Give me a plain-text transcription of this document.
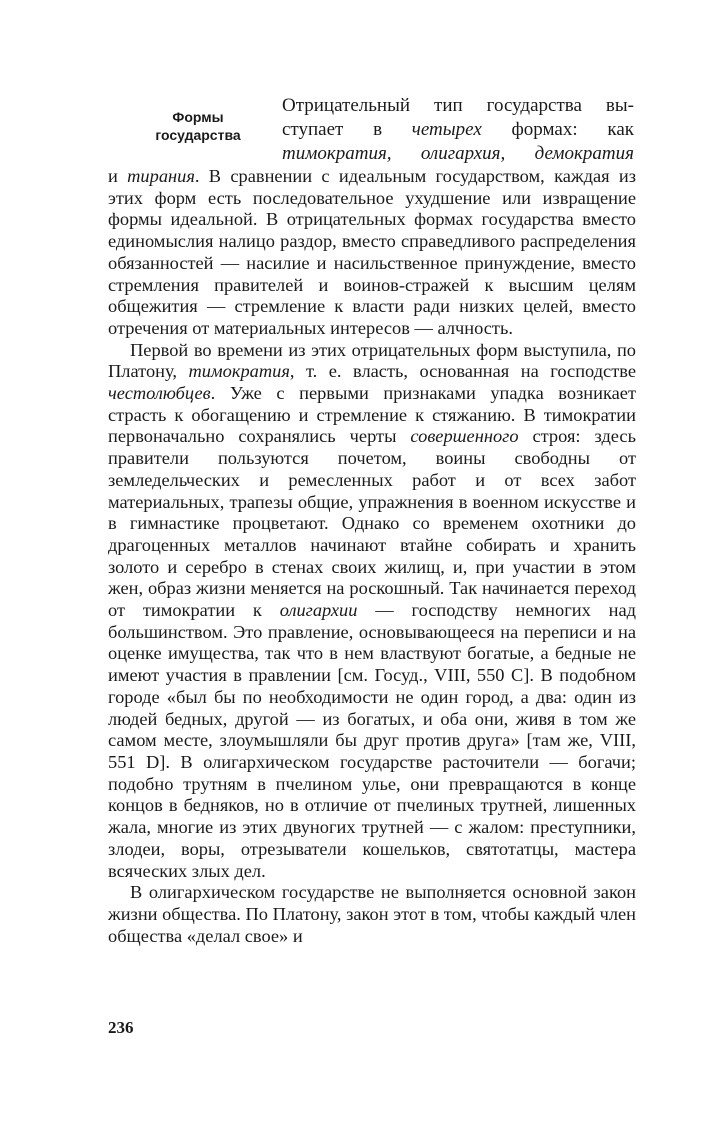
Формы
государства
Отрицательный тип государства вы-
ступает в четырех формах: как
тимократия, олигархия, демократия

и тирания. В сравнении с идеальным государством, каждая из этих форм есть последовательное ухудшение или извращение формы идеальной. В отрицательных формах государства вместо единомыслия налицо раздор, вместо справедливого распределения обязанностей — насилие и насильственное принуждение, вместо стремления правителей и воинов-стражей к высшим целям общежития — стремление к власти ради низких целей, вместо отречения от материальных интересов — алчность.

Первой во времени из этих отрицательных форм выступила, по Платону, тимократия, т. е. власть, основанная на господстве честолюбцев. Уже с первыми признаками упадка возникает страсть к обогащению и стремление к стяжанию. В тимократии первоначально сохранялись черты совершенного строя: здесь правители пользуются почетом, воины свободны от земледельческих и ремесленных работ и от всех забот материальных, трапезы общие, упражнения в военном искусстве и в гимнастике процветают. Однако со временем охотники до драгоценных металлов начинают втайне собирать и хранить золото и серебро в стенах своих жилищ, и, при участии в этом жен, образ жизни меняется на роскошный. Так начинается переход от тимократии к олигархии — господству немногих над большинством. Это правление, основывающееся на переписи и на оценке имущества, так что в нем властвуют богатые, а бедные не имеют участия в правлении [см. Госуд., VIII, 550 C]. В подобном городе «был бы по необходимости не один город, а два: один из людей бедных, другой — из богатых, и оба они, живя в том же самом месте, злоумышляли бы друг против друга» [там же, VIII, 551 D]. В олигархическом государстве расточители — богачи; подобно трутням в пчелином улье, они превращаются в конце концов в бедняков, но в отличие от пчелиных трутней, лишенных жала, многие из этих двуногих трутней — с жалом: преступники, злодеи, воры, отрезыватели кошельков, святотатцы, мастера всяческих злых дел.

В олигархическом государстве не выполняется основной закон жизни общества. По Платону, закон этот в том, чтобы каждый член общества «делал свое» и

236
